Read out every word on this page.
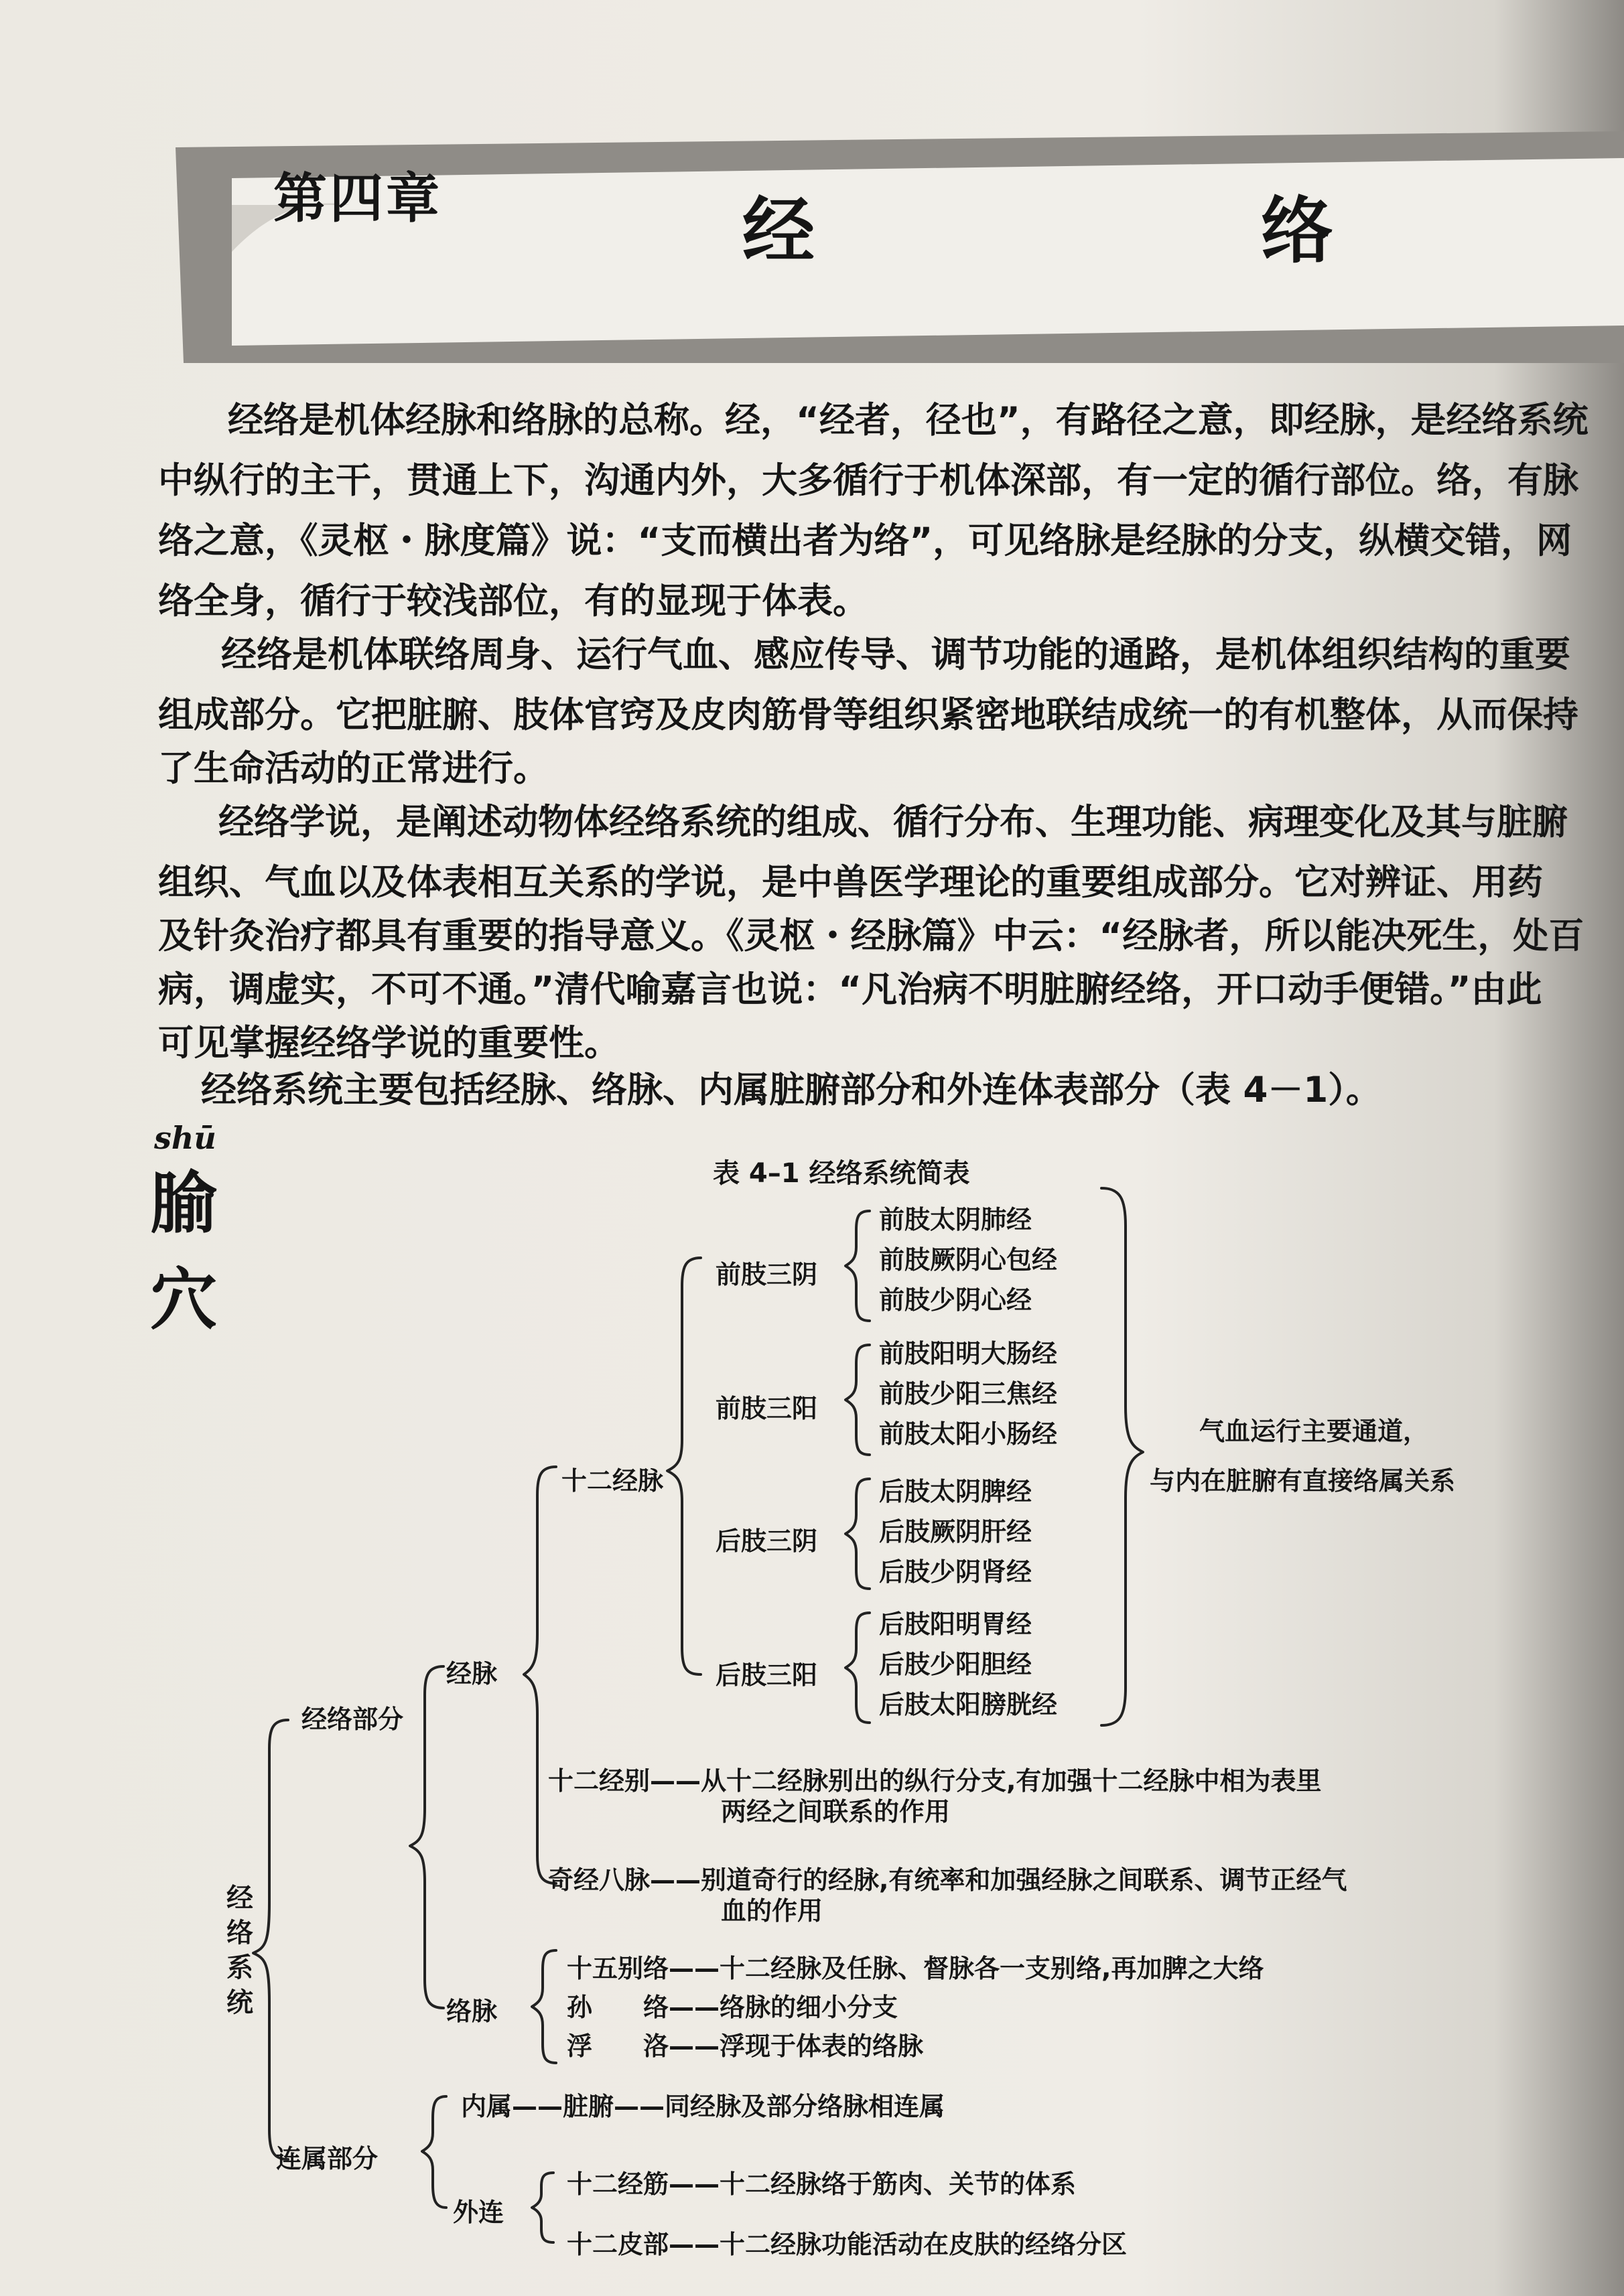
第四章	经　　络
经络是机体经脉和络脉的总称。经，“经者，径也”，有路径之意，即经脉，是经络系统
中纵行的主干，贯通上下，沟通内外，大多循行于机体深部，有一定的循行部位。络，有脉
络之意，《灵枢・脉度篇》说：“支而横出者为络”，可见络脉是经脉的分支，纵横交错，网
络全身，循行于较浅部位，有的显现于体表。
经络是机体联络周身、运行气血、感应传导、调节功能的通路，是机体组织结构的重要
组成部分。它把脏腑、肢体官窍及皮肉筋骨等组织紧密地联结成统一的有机整体，从而保持
了生命活动的正常进行。
经络学说，是阐述动物体经络系统的组成、循行分布、生理功能、病理变化及其与脏腑
组织、气血以及体表相互关系的学说，是中兽医学理论的重要组成部分。它对辨证、用药
及针灸治疗都具有重要的指导意义。《灵枢・经脉篇》中云：“经脉者，所以能决死生，处百
病，调虚实，不可不通。”清代喻嘉言也说：“凡治病不明脏腑经络，开口动手便错。”由此
可见掌握经络学说的重要性。
经络系统主要包括经脉、络脉、内属脏腑部分和外连体表部分（表 4－1）。
shū
腧穴
表 4–1 经络系统简表
经络系统
经络部分
连属部分
经脉
络脉
外连
十二经脉
前肢三阴
前肢三阳
后肢三阴
后肢三阳
前肢太阴肺经
前肢厥阴心包经
前肢少阴心经
前肢阳明大肠经
前肢少阳三焦经
前肢太阳小肠经
后肢太阴脾经
后肢厥阴肝经
后肢少阴肾经
后肢阳明胃经
后肢少阳胆经
后肢太阳膀胱经
气血运行主要通道，
与内在脏腑有直接络属关系
十二经别——从十二经脉别出的纵行分支,有加强十二经脉中相为表里
两经之间联系的作用
奇经八脉——别道奇行的经脉,有统率和加强经脉之间联系、调节正经气
血的作用
十五别络——十二经脉及任脉、督脉各一支别络,再加脾之大络
孙　　络——络脉的细小分支
浮　　洛——浮现于体表的络脉
内属——脏腑——同经脉及部分络脉相连属
十二经筋——十二经脉络于筋肉、关节的体系
十二皮部——十二经脉功能活动在皮肤的经络分区
